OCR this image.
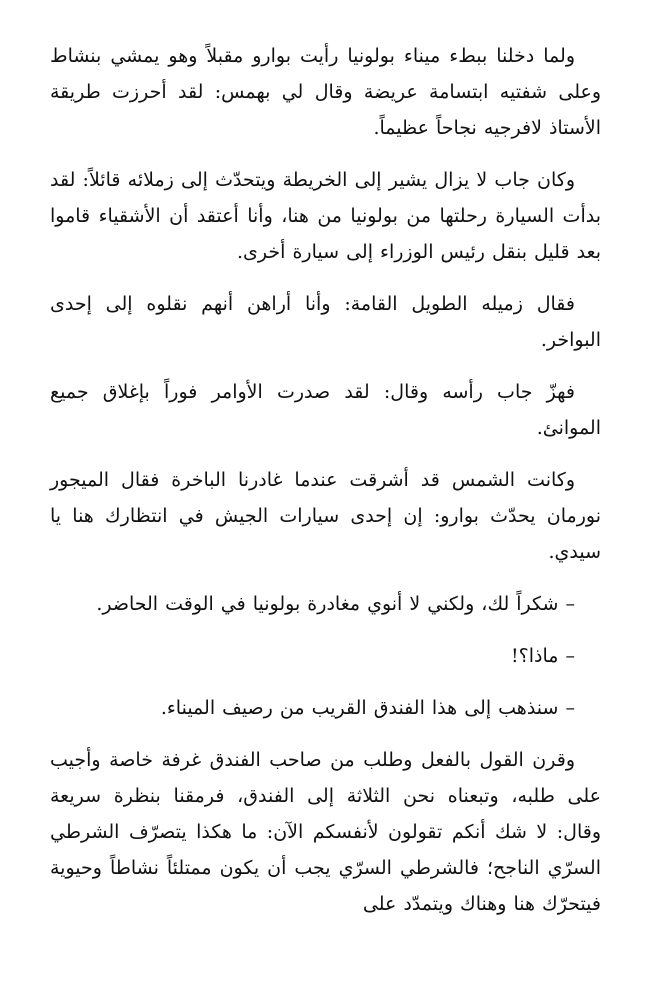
ولما دخلنا ببطء ميناء بولونيا رأيت بوارو مقبلاً وهو يمشي بنشاط وعلى شفتيه ابتسامة عريضة وقال لي بهمس: لقد أحرزت طريقة الأستاذ لافرجيه نجاحاً عظيماً.

وكان جاب لا يزال يشير إلى الخريطة ويتحدّث إلى زملائه قائلاً: لقد بدأت السيارة رحلتها من بولونيا من هنا، وأنا أعتقد أن الأشقياء قاموا بعد قليل بنقل رئيس الوزراء إلى سيارة أخرى.

فقال زميله الطويل القامة: وأنا أراهن أنهم نقلوه إلى إحدى البواخر.

فهزّ جاب رأسه وقال: لقد صدرت الأوامر فوراً بإغلاق جميع الموانئ.

وكانت الشمس قد أشرقت عندما غادرنا الباخرة فقال الميجور نورمان يحدّث بوارو: إن إحدى سيارات الجيش في انتظارك هنا يا سيدي.

– شكراً لك، ولكني لا أنوي مغادرة بولونيا في الوقت الحاضر.

– ماذا؟!

– سنذهب إلى هذا الفندق القريب من رصيف الميناء.

وقرن القول بالفعل وطلب من صاحب الفندق غرفة خاصة وأجيب على طلبه، وتبعناه نحن الثلاثة إلى الفندق، فرمقنا بنظرة سريعة وقال: لا شك أنكم تقولون لأنفسكم الآن: ما هكذا يتصرّف الشرطي السرّي الناجح؛ فالشرطي السرّي يجب أن يكون ممتلئاً نشاطاً وحيوية فيتحرّك هنا وهناك ويتمدّد على
